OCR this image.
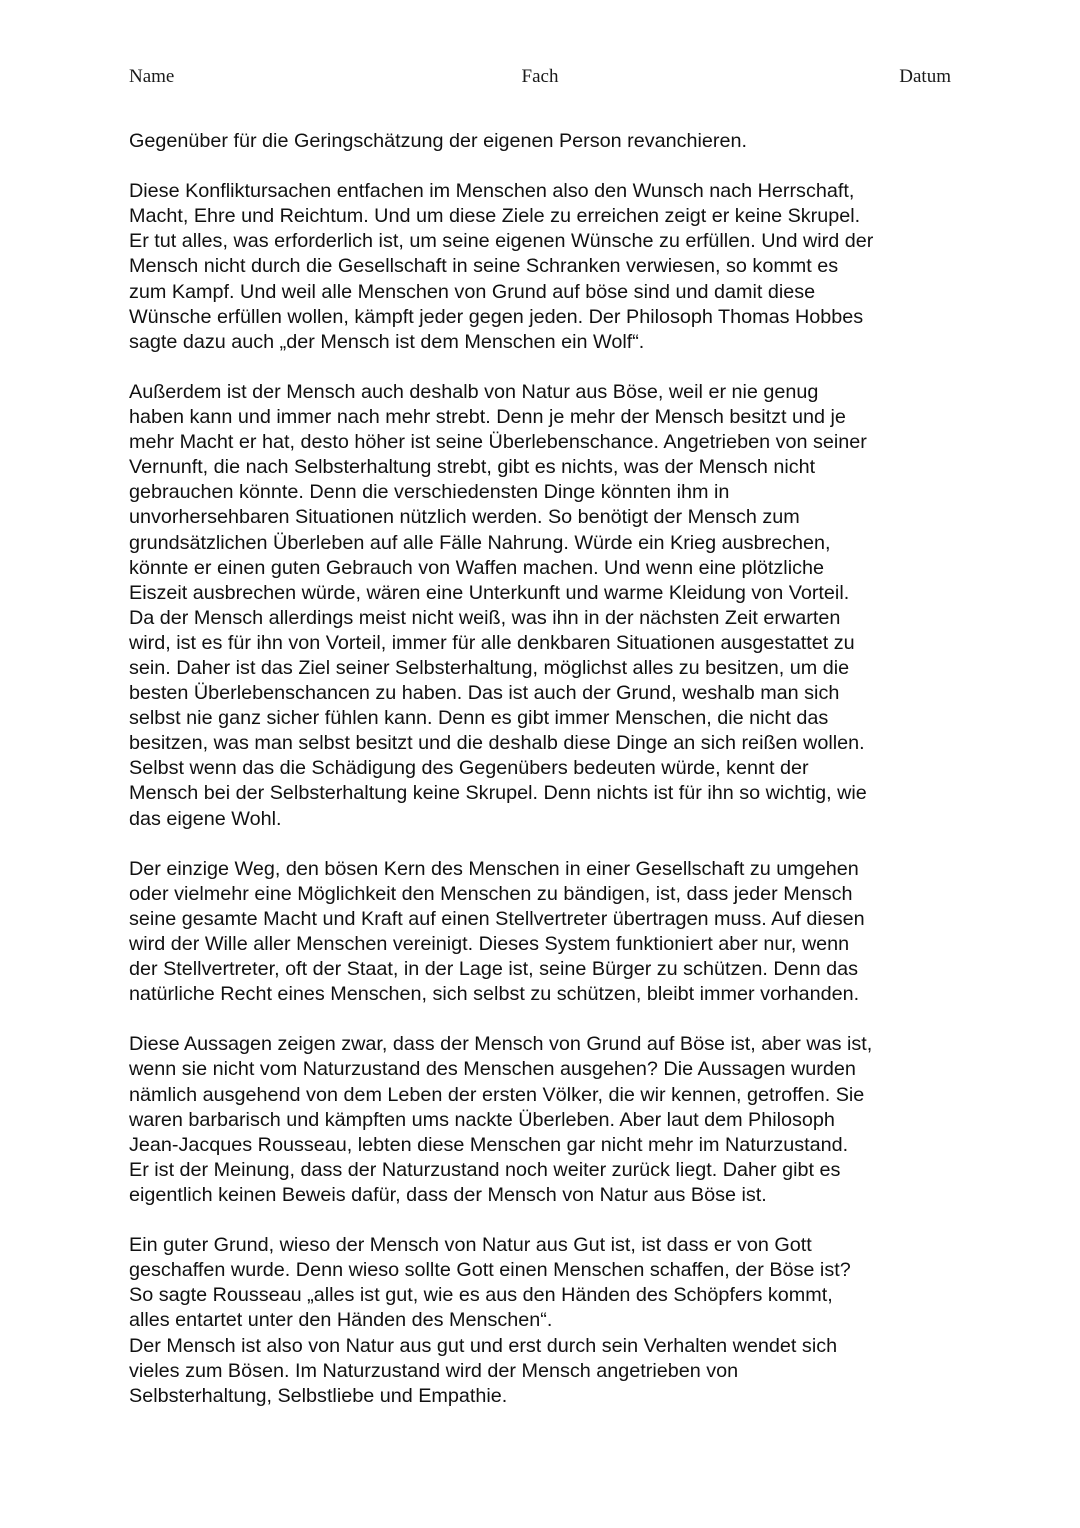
Name	Fach	Datum
Gegenüber für die Geringschätzung der eigenen Person revanchieren.
Diese Konfliktursachen entfachen im Menschen also den Wunsch nach Herrschaft,
Macht, Ehre und Reichtum. Und um diese Ziele zu erreichen zeigt er keine Skrupel.
Er tut alles, was erforderlich ist, um seine eigenen Wünsche zu erfüllen. Und wird der
Mensch nicht durch die Gesellschaft in seine Schranken verwiesen, so kommt es
zum Kampf. Und weil alle Menschen von Grund auf böse sind und damit diese
Wünsche erfüllen wollen, kämpft jeder gegen jeden. Der Philosoph Thomas Hobbes
sagte dazu auch „der Mensch ist dem Menschen ein Wolf“.
Außerdem ist der Mensch auch deshalb von Natur aus Böse, weil er nie genug
haben kann und immer nach mehr strebt. Denn je mehr der Mensch besitzt und je
mehr Macht er hat, desto höher ist seine Überlebenschance. Angetrieben von seiner
Vernunft, die nach Selbsterhaltung strebt, gibt es nichts, was der Mensch nicht
gebrauchen könnte. Denn die verschiedensten Dinge könnten ihm in
unvorhersehbaren Situationen nützlich werden. So benötigt der Mensch zum
grundsätzlichen Überleben auf alle Fälle Nahrung. Würde ein Krieg ausbrechen,
könnte er einen guten Gebrauch von Waffen machen. Und wenn eine plötzliche
Eiszeit ausbrechen würde, wären eine Unterkunft und warme Kleidung von Vorteil.
Da der Mensch allerdings meist nicht weiß, was ihn in der nächsten Zeit erwarten
wird, ist es für ihn von Vorteil, immer für alle denkbaren Situationen ausgestattet zu
sein. Daher ist das Ziel seiner Selbsterhaltung, möglichst alles zu besitzen, um die
besten Überlebenschancen zu haben. Das ist auch der Grund, weshalb man sich
selbst nie ganz sicher fühlen kann. Denn es gibt immer Menschen, die nicht das
besitzen, was man selbst besitzt und die deshalb diese Dinge an sich reißen wollen.
Selbst wenn das die Schädigung des Gegenübers bedeuten würde, kennt der
Mensch bei der Selbsterhaltung keine Skrupel. Denn nichts ist für ihn so wichtig, wie
das eigene Wohl.
Der einzige Weg, den bösen Kern des Menschen in einer Gesellschaft zu umgehen
oder vielmehr eine Möglichkeit den Menschen zu bändigen, ist, dass jeder Mensch
seine gesamte Macht und Kraft auf einen Stellvertreter übertragen muss. Auf diesen
wird der Wille aller Menschen vereinigt. Dieses System funktioniert aber nur, wenn
der Stellvertreter, oft der Staat, in der Lage ist, seine Bürger zu schützen. Denn das
natürliche Recht eines Menschen, sich selbst zu schützen, bleibt immer vorhanden.
Diese Aussagen zeigen zwar, dass der Mensch von Grund auf Böse ist, aber was ist,
wenn sie nicht vom Naturzustand des Menschen ausgehen? Die Aussagen wurden
nämlich ausgehend von dem Leben der ersten Völker, die wir kennen, getroffen. Sie
waren barbarisch und kämpften ums nackte Überleben. Aber laut dem Philosoph
Jean-Jacques Rousseau, lebten diese Menschen gar nicht mehr im Naturzustand.
Er ist der Meinung, dass der Naturzustand noch weiter zurück liegt. Daher gibt es
eigentlich keinen Beweis dafür, dass der Mensch von Natur aus Böse ist.
Ein guter Grund, wieso der Mensch von Natur aus Gut ist, ist dass er von Gott
geschaffen wurde. Denn wieso sollte Gott einen Menschen schaffen, der Böse ist?
So sagte Rousseau „alles ist gut, wie es aus den Händen des Schöpfers kommt,
alles entartet unter den Händen des Menschen“.
Der Mensch ist also von Natur aus gut und erst durch sein Verhalten wendet sich
vieles zum Bösen. Im Naturzustand wird der Mensch angetrieben von
Selbsterhaltung, Selbstliebe und Empathie.
